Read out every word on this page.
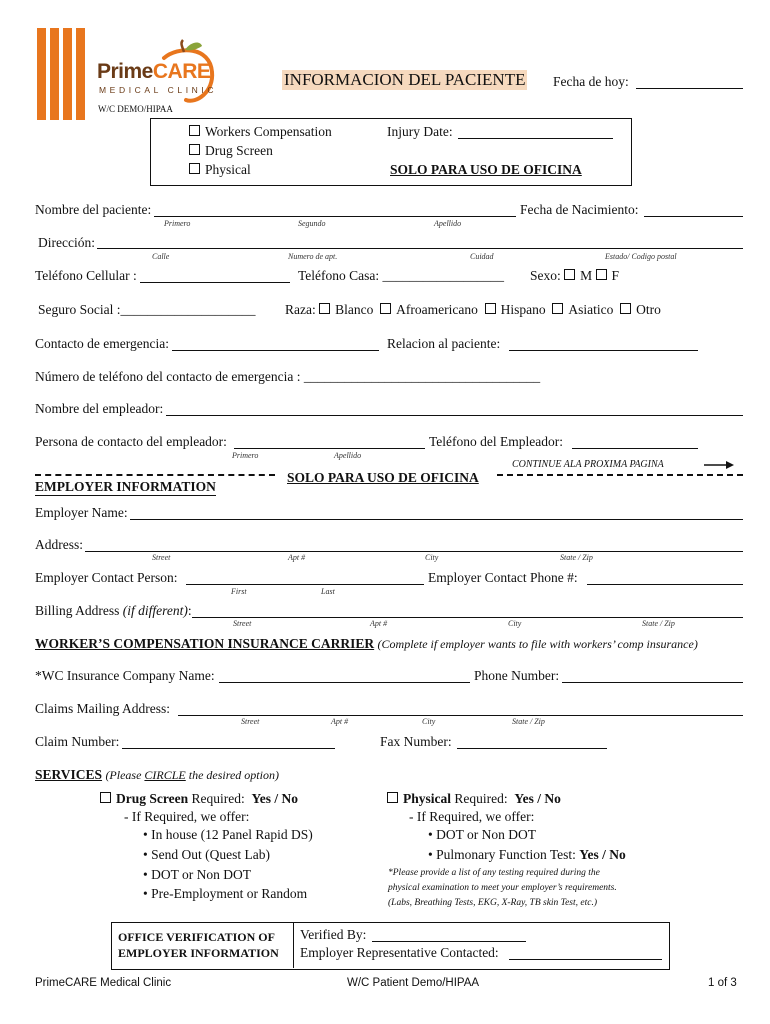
PrimeCARE
MEDICAL CLINIC
W/C DEMO/HIPAA
INFORMACION DEL PACIENTE Fecha de hoy:
Workers Compensation
Drug Screen
Physical
Injury Date:
SOLO PARA USO DE OFICINA
Nombre del paciente:
Primero	Segundo	Apellido
Fecha de Nacimiento:
Dirección:
Calle	Numero de apt.	Cuidad	Estado/ Codigo postal
Teléfono Cellular :	Teléfono Casa: __________________ Sexo: M F
Seguro Social :____________________ Raza: Blanco Afroamericano Hispano Asiatico Otro
Contacto de emergencia:	Relacion al paciente:
Número de teléfono del contacto de emergencia : ___________________________________
Nombre del empleador:
Persona de contacto del empleador:
Primero	Apellido
Teléfono del Empleador:
CONTINUE ALA PROXIMA PAGINA
SOLO PARA USO DE OFICINA
EMPLOYER INFORMATION
Employer Name:
Address:
Street	Apt #	City	State / Zip
Employer Contact Person:
First	Last
Employer Contact Phone #:
Billing Address (if different):
Street	Apt #	City	State / Zip
WORKER’S COMPENSATION INSURANCE CARRIER (Complete if employer wants to file with workers’ comp insurance)
*WC Insurance Company Name:	Phone Number:
Claims Mailing Address:
Street	Apt #	City	State / Zip
Claim Number:	Fax Number:
SERVICES (Please CIRCLE the desired option)
Drug Screen Required: Yes / No
- If Required, we offer:
• In house (12 Panel Rapid DS)
• Send Out (Quest Lab)
• DOT or Non DOT
• Pre-Employment or Random
Physical Required: Yes / No
- If Required, we offer:
• DOT or Non DOT
• Pulmonary Function Test: Yes / No
*Please provide a list of any testing required during the
physical examination to meet your employer’s requirements.
(Labs, Breathing Tests, EKG, X-Ray, TB skin Test, etc.)
OFFICE VERIFICATION OF
EMPLOYER INFORMATION
Verified By:
Employer Representative Contacted:
PrimeCARE Medical Clinic	W/C Patient Demo/HIPAA	1 of 3
